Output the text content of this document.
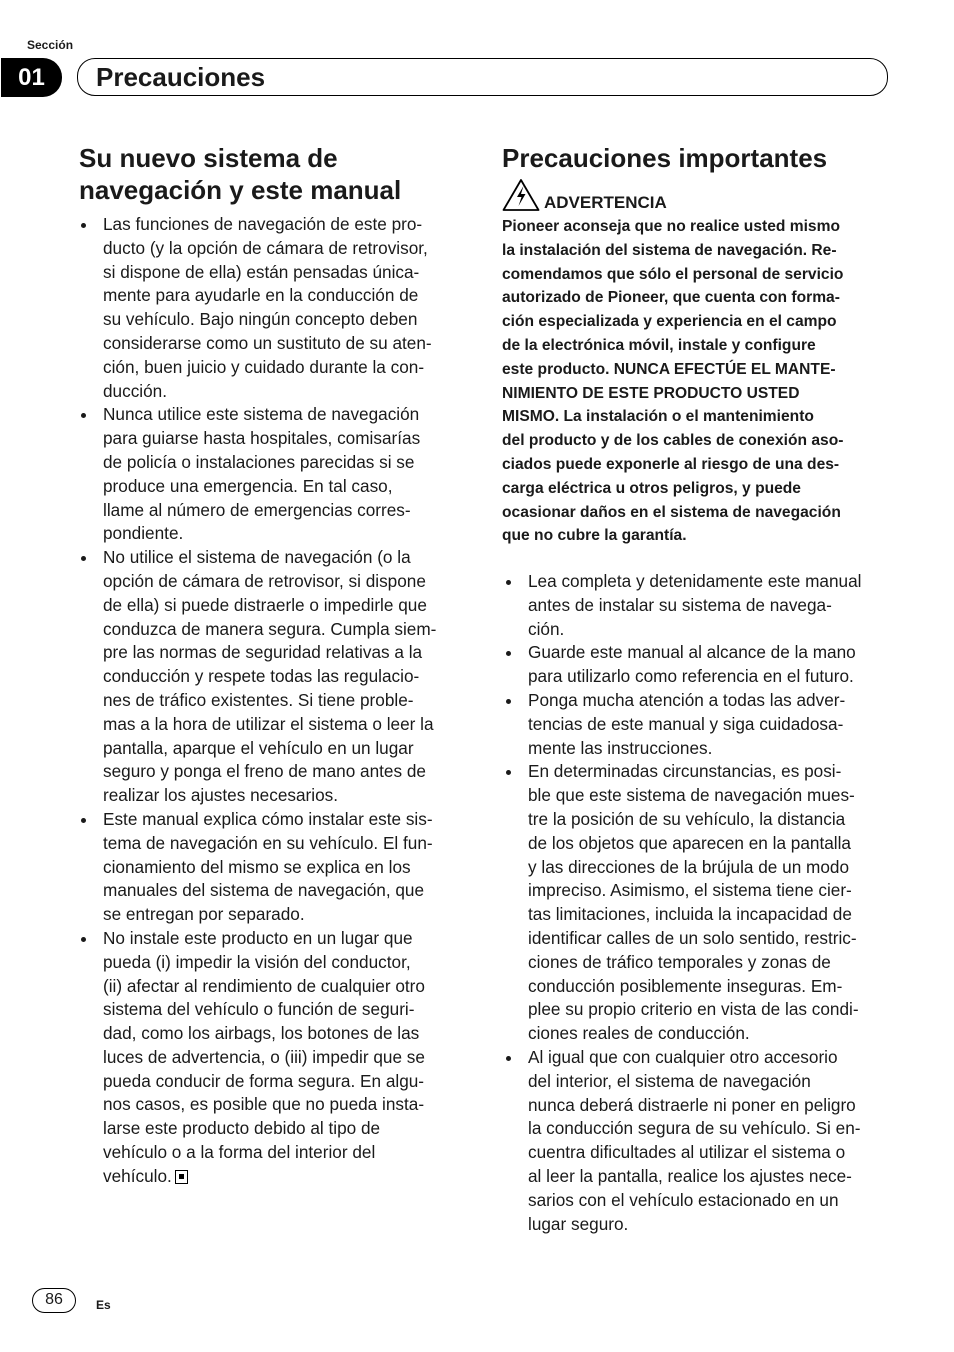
Sección
01	Precauciones
Su nuevo sistema de
navegación y este manual
Las funciones de navegación de este pro-
ducto (y la opción de cámara de retrovisor,
si dispone de ella) están pensadas única-
mente para ayudarle en la conducción de
su vehículo. Bajo ningún concepto deben
considerarse como un sustituto de su aten-
ción, buen juicio y cuidado durante la con-
ducción.
Nunca utilice este sistema de navegación
para guiarse hasta hospitales, comisarías
de policía o instalaciones parecidas si se
produce una emergencia. En tal caso,
llame al número de emergencias corres-
pondiente.
No utilice el sistema de navegación (o la
opción de cámara de retrovisor, si dispone
de ella) si puede distraerle o impedirle que
conduzca de manera segura. Cumpla siem-
pre las normas de seguridad relativas a la
conducción y respete todas las regulacio-
nes de tráfico existentes. Si tiene proble-
mas a la hora de utilizar el sistema o leer la
pantalla, aparque el vehículo en un lugar
seguro y ponga el freno de mano antes de
realizar los ajustes necesarios.
Este manual explica cómo instalar este sis-
tema de navegación en su vehículo. El fun-
cionamiento del mismo se explica en los
manuales del sistema de navegación, que
se entregan por separado.
No instale este producto en un lugar que
pueda (i) impedir la visión del conductor,
(ii) afectar al rendimiento de cualquier otro
sistema del vehículo o función de seguri-
dad, como los airbags, los botones de las
luces de advertencia, o (iii) impedir que se
pueda conducir de forma segura. En algu-
nos casos, es posible que no pueda insta-
larse este producto debido al tipo de
vehículo o a la forma del interior del
vehículo.
Precauciones importantes
ADVERTENCIA
Pioneer aconseja que no realice usted mismo
la instalación del sistema de navegación. Re-
comendamos que sólo el personal de servicio
autorizado de Pioneer, que cuenta con forma-
ción especializada y experiencia en el campo
de la electrónica móvil, instale y configure
este producto. NUNCA EFECTÚE EL MANTE-
NIMIENTO DE ESTE PRODUCTO USTED
MISMO. La instalación o el mantenimiento
del producto y de los cables de conexión aso-
ciados puede exponerle al riesgo de una des-
carga eléctrica u otros peligros, y puede
ocasionar daños en el sistema de navegación
que no cubre la garantía.
Lea completa y detenidamente este manual
antes de instalar su sistema de navega-
ción.
Guarde este manual al alcance de la mano
para utilizarlo como referencia en el futuro.
Ponga mucha atención a todas las adver-
tencias de este manual y siga cuidadosa-
mente las instrucciones.
En determinadas circunstancias, es posi-
ble que este sistema de navegación mues-
tre la posición de su vehículo, la distancia
de los objetos que aparecen en la pantalla
y las direcciones de la brújula de un modo
impreciso. Asimismo, el sistema tiene cier-
tas limitaciones, incluida la incapacidad de
identificar calles de un solo sentido, restric-
ciones de tráfico temporales y zonas de
conducción posiblemente inseguras. Em-
plee su propio criterio en vista de las condi-
ciones reales de conducción.
Al igual que con cualquier otro accesorio
del interior, el sistema de navegación
nunca deberá distraerle ni poner en peligro
la conducción segura de su vehículo. Si en-
cuentra dificultades al utilizar el sistema o
al leer la pantalla, realice los ajustes nece-
sarios con el vehículo estacionado en un
lugar seguro.
86	Es
